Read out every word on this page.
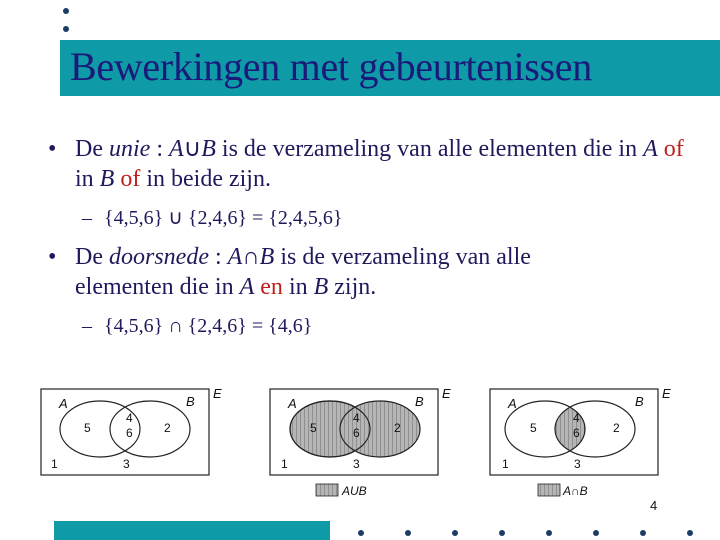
Bewerkingen met gebeurtenissen
• De unie : A∪B is de verzameling van alle elementen die in A of in B of in beide zijn.
– {4,5,6} ∪ {2,4,6} = {2,4,5,6}
• De doorsnede : A∩B is de verzameling van alle elementen die in A en in B zijn.
– {4,5,6} ∩ {2,4,6} = {4,6}
E
A	B
5
4
6	2
1	3
E
A	B
5
4
6	2
1	3
AUB
E
A	B
5
4
6	2
1	3
A∩B
4
